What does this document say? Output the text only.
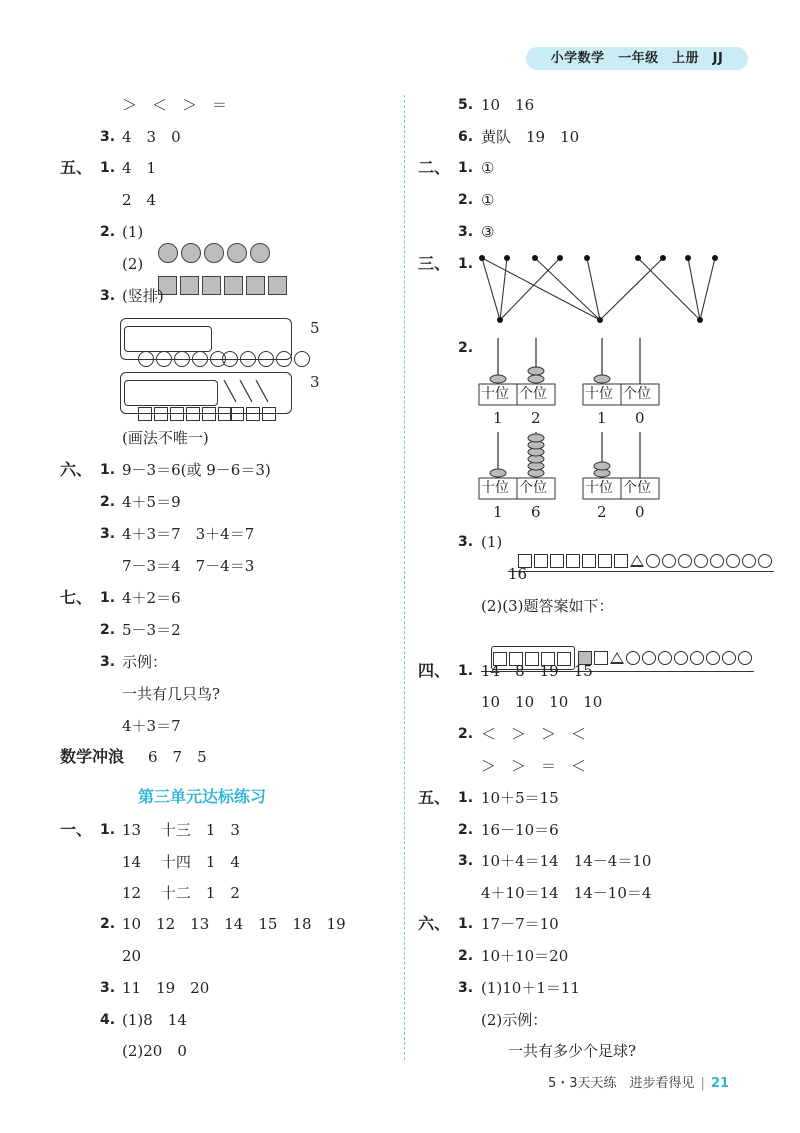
小学数学　一年级　上册　JJ
＞　＜　＞　＝
3. 4　3　0
五、 1. 4　1
2　4
2. (1)

(2)

3. (竖排)

5

3
(画法不唯一)
六、 1. 9－3＝6(或 9－6＝3)
2. 4＋5＝9
3. 4＋3＝7　3＋4＝7
7－3＝4　7－4＝3
七、 1. 4＋2＝6
2. 5－3＝2
3. 示例：
一共有几只鸟?
4＋3＝7
数学冲浪 6　7　5
第三单元达标练习
一、 1. 13　 十三　1　3
14　 十四　1　4
12　 十二　1　2
2. 10　12　13　14　15　18　19
20
3. 11　19　20
4. (1)8　14
(2)20　0
5. 10　16
6. 黄队　19　10
二、 1. ①
2. ①
3. ③
三、 1.
2.
十位 个位
1 2
十位 个位
1 0
十位 个位
1 6
十位 个位
2 0
3. (1)

16
(2)(3)题答案如下：

四、 1. 14　8　19　15
10　10　10　10
2. ＜　＞　＞　＜
＞　＞　＝　＜
五、 1. 10＋5＝15
2. 16－10＝6
3. 10＋4＝14　14－4＝10
4＋10＝14　14－10＝4
六、 1. 17－7＝10
2. 10＋10＝20
3. (1)10＋1＝11
(2)示例：
一共有多少个足球?
5・3天天练　进步看得见 | 21
